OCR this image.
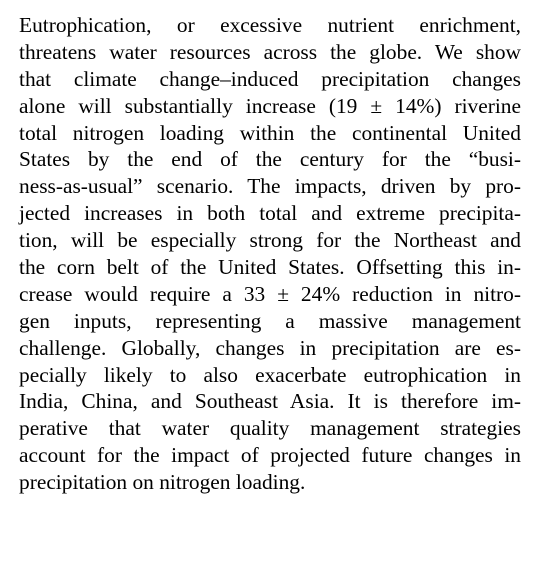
Eutrophication, or excessive nutrient enrichment,
threatens water resources across the globe. We show
that climate change–induced precipitation changes
alone will substantially increase (19 ± 14%) riverine
total nitrogen loading within the continental United
States by the end of the century for the “busi-
ness-as-usual” scenario. The impacts, driven by pro-
jected increases in both total and extreme precipita-
tion, will be especially strong for the Northeast and
the corn belt of the United States. Offsetting this in-
crease would require a 33 ± 24% reduction in nitro-
gen inputs, representing a massive management
challenge. Globally, changes in precipitation are es-
pecially likely to also exacerbate eutrophication in
India, China, and Southeast Asia. It is therefore im-
perative that water quality management strategies
account for the impact of projected future changes in
precipitation on nitrogen loading.
